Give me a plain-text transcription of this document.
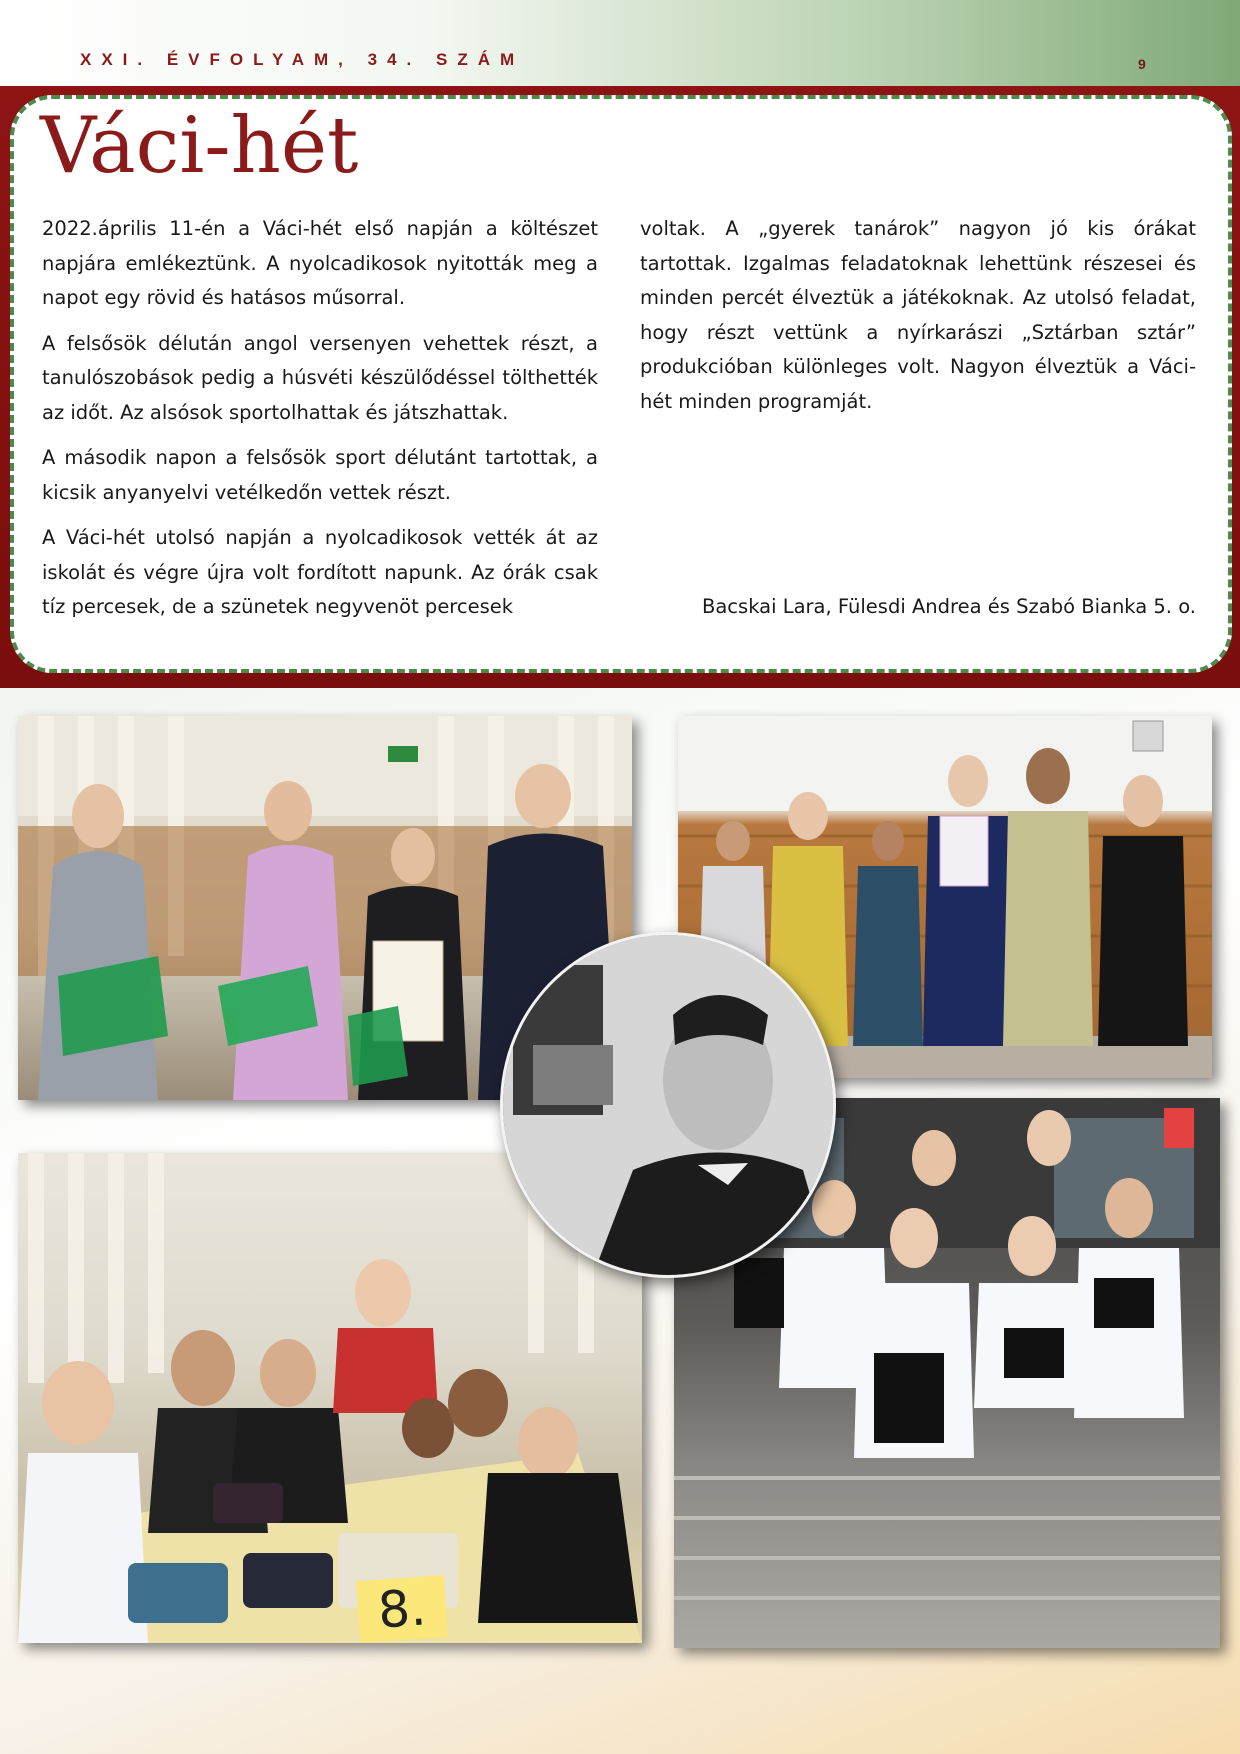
XXI. ÉVFOLYAM, 34. SZÁM	9

Váci-hét

2022.április 11-én a Váci-hét első napján a költészet napjára emlékeztünk. A nyolcadikosok nyitották meg a napot egy rövid és hatásos műsorral.

A felsősök délután angol versenyen vehettek részt, a tanulószobások pedig a húsvéti készülődéssel tölthették az időt. Az alsósok sportolhattak és játszhattak.

A második napon a felsősök sport délutánt tartottak, a kicsik anyanyelvi vetélkedőn vettek részt.

A Váci-hét utolsó napján a nyolcadikosok vették át az iskolát és végre újra volt fordított napunk. Az órák csak tíz percesek, de a szünetek negyvenöt percesek

voltak. A „gyerek tanárok” nagyon jó kis órákat tartottak. Izgalmas feladatoknak lehettünk részesei és minden percét élveztük a játékoknak. Az utolsó feladat, hogy részt vettünk a nyírkarászi „Sztárban sztár” produkcióban különleges volt. Nagyon élveztük a Váci-hét minden programját.

Bacskai Lara, Fülesdi Andrea és Szabó Bianka 5. o.

8.
